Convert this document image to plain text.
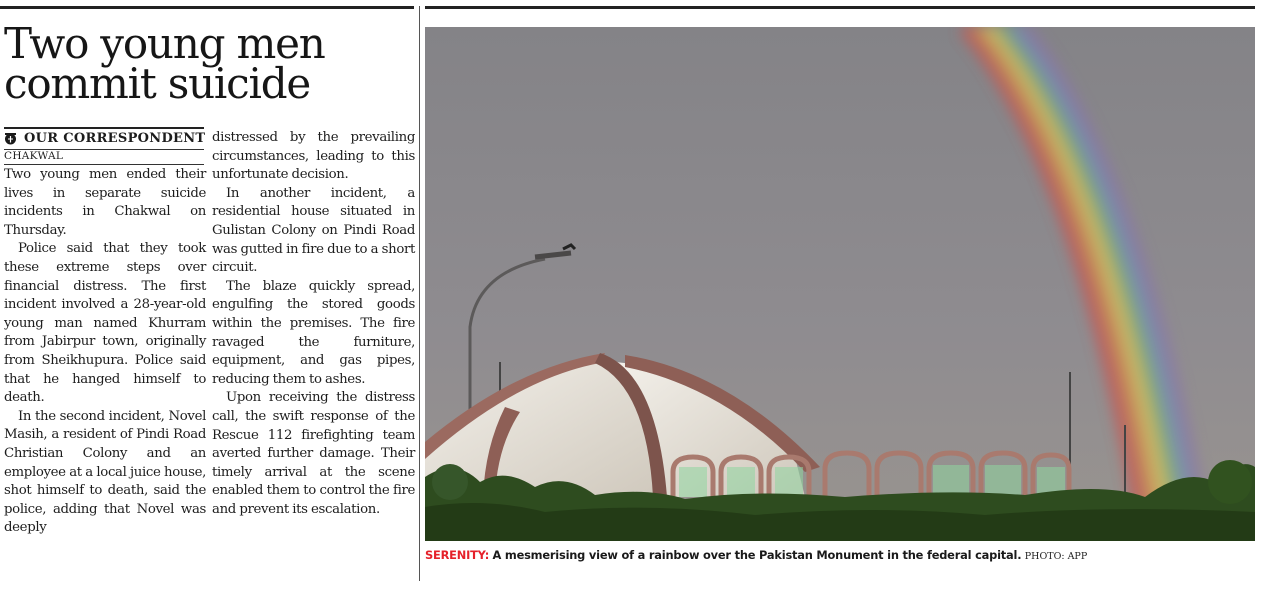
Two young men commit suicide
OUR CORRESPONDENT
CHAKWAL

Two young men ended their lives in separate suicide incidents in Chakwal on Thursday.

Police said that they took these extreme steps over financial distress. The first incident involved a 28-year-old young man named Khurram from Jabirpur town, originally from Sheikhupura. Police said that he hanged himself to death.

In the second incident, Novel Masih, a resident of Pindi Road Christian Colony and an employee at a local juice house, shot himself to death, said the police, adding that Novel was deeply

distressed by the prevailing circumstances, leading to this unfortunate decision.

In another incident, a residential house situated in Gulistan Colony on Pindi Road was gutted in fire due to a short circuit.

The blaze quickly spread, engulfing the stored goods within the premises. The fire ravaged the furniture, equipment, and gas pipes, reducing them to ashes.

Upon receiving the distress call, the swift response of the Rescue 112 firefighting team averted further damage. Their timely arrival at the scene enabled them to control the fire and prevent its escalation.

SERENITY: A mesmerising view of a rainbow over the Pakistan Monument in the federal capital. PHOTO: APP
